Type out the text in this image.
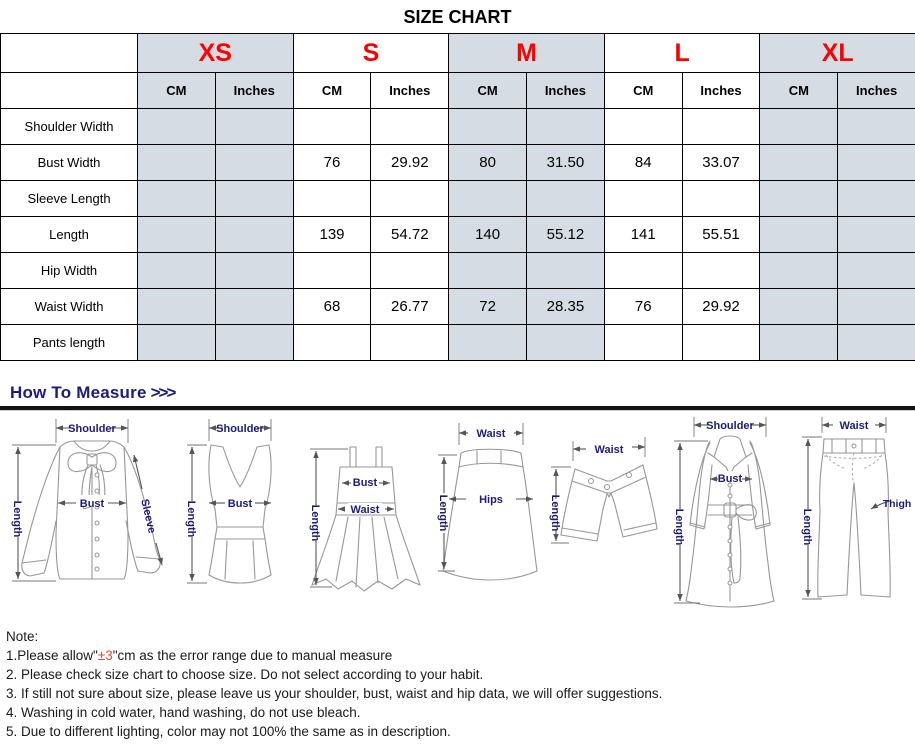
SIZE CHART
	XS		S		M		L		XL	
	CM	Inches	CM	Inches	CM	Inches	CM	Inches	CM	Inches
Shoulder Width										
Bust Width			76	29.92	80	31.50	84	33.07		
Sleeve Length										
Length			139	54.72	140	55.12	141	55.51		
Hip Width										
Waist Width			68	26.77	72	28.35	76	29.92		
Pants length										
How To Measure >>>
Shoulder
Bust
Length	Sleeve
Shoulder
Bust
Length
Bust
Waist
Length
Waist
Hips
Length
Waist
Length
Shoulder
Bust
Length
Waist
Thigh
Length
Note:
1.Please allow"±3"cm as the error range due to manual measure
2. Please check size chart to choose size. Do not select according to your habit.
3. If still not sure about size, please leave us your shoulder, bust, waist and hip data, we will offer suggestions.
4. Washing in cold water, hand washing, do not use bleach.
5. Due to different lighting, color may not 100% the same as in description.
